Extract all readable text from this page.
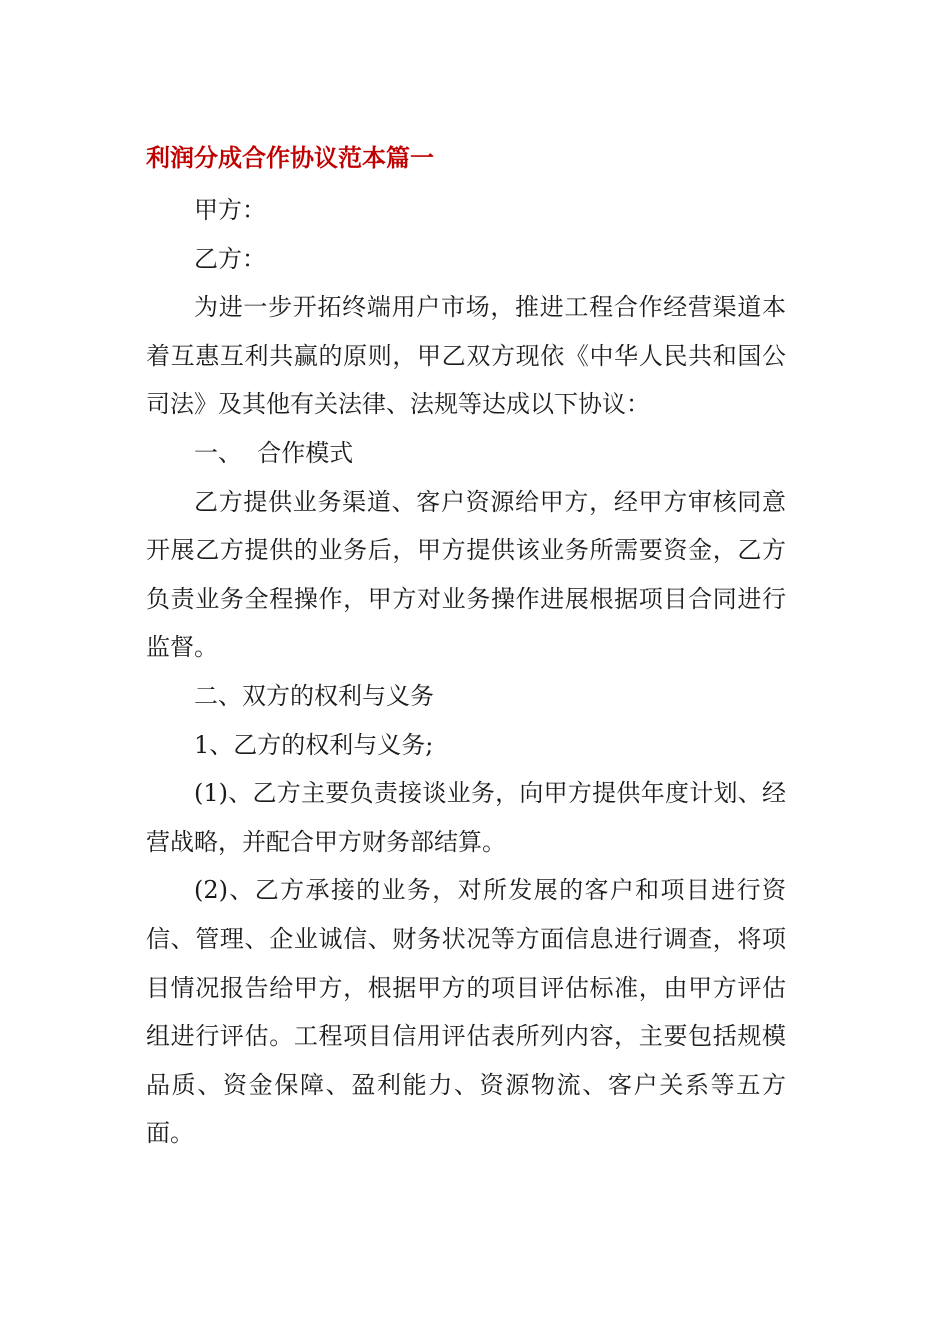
利润分成合作协议范本篇一

甲方：

乙方：

为进一步开拓终端用户市场，推进工程合作经营渠道本着互惠互利共赢的原则，甲乙双方现依《中华人民共和国公司法》及其他有关法律、法规等达成以下协议：

一、  合作模式

乙方提供业务渠道、客户资源给甲方，经甲方审核同意开展乙方提供的业务后，甲方提供该业务所需要资金，乙方负责业务全程操作，甲方对业务操作进展根据项目合同进行监督。

二、双方的权利与义务

1、乙方的权利与义务;

(1)、乙方主要负责接谈业务，向甲方提供年度计划、经营战略，并配合甲方财务部结算。

(2)、乙方承接的业务，对所发展的客户和项目进行资信、管理、企业诚信、财务状况等方面信息进行调查，将项目情况报告给甲方，根据甲方的项目评估标准，由甲方评估组进行评估。工程项目信用评估表所列内容，主要包括规模品质、资金保障、盈利能力、资源物流、客户关系等五方面。
